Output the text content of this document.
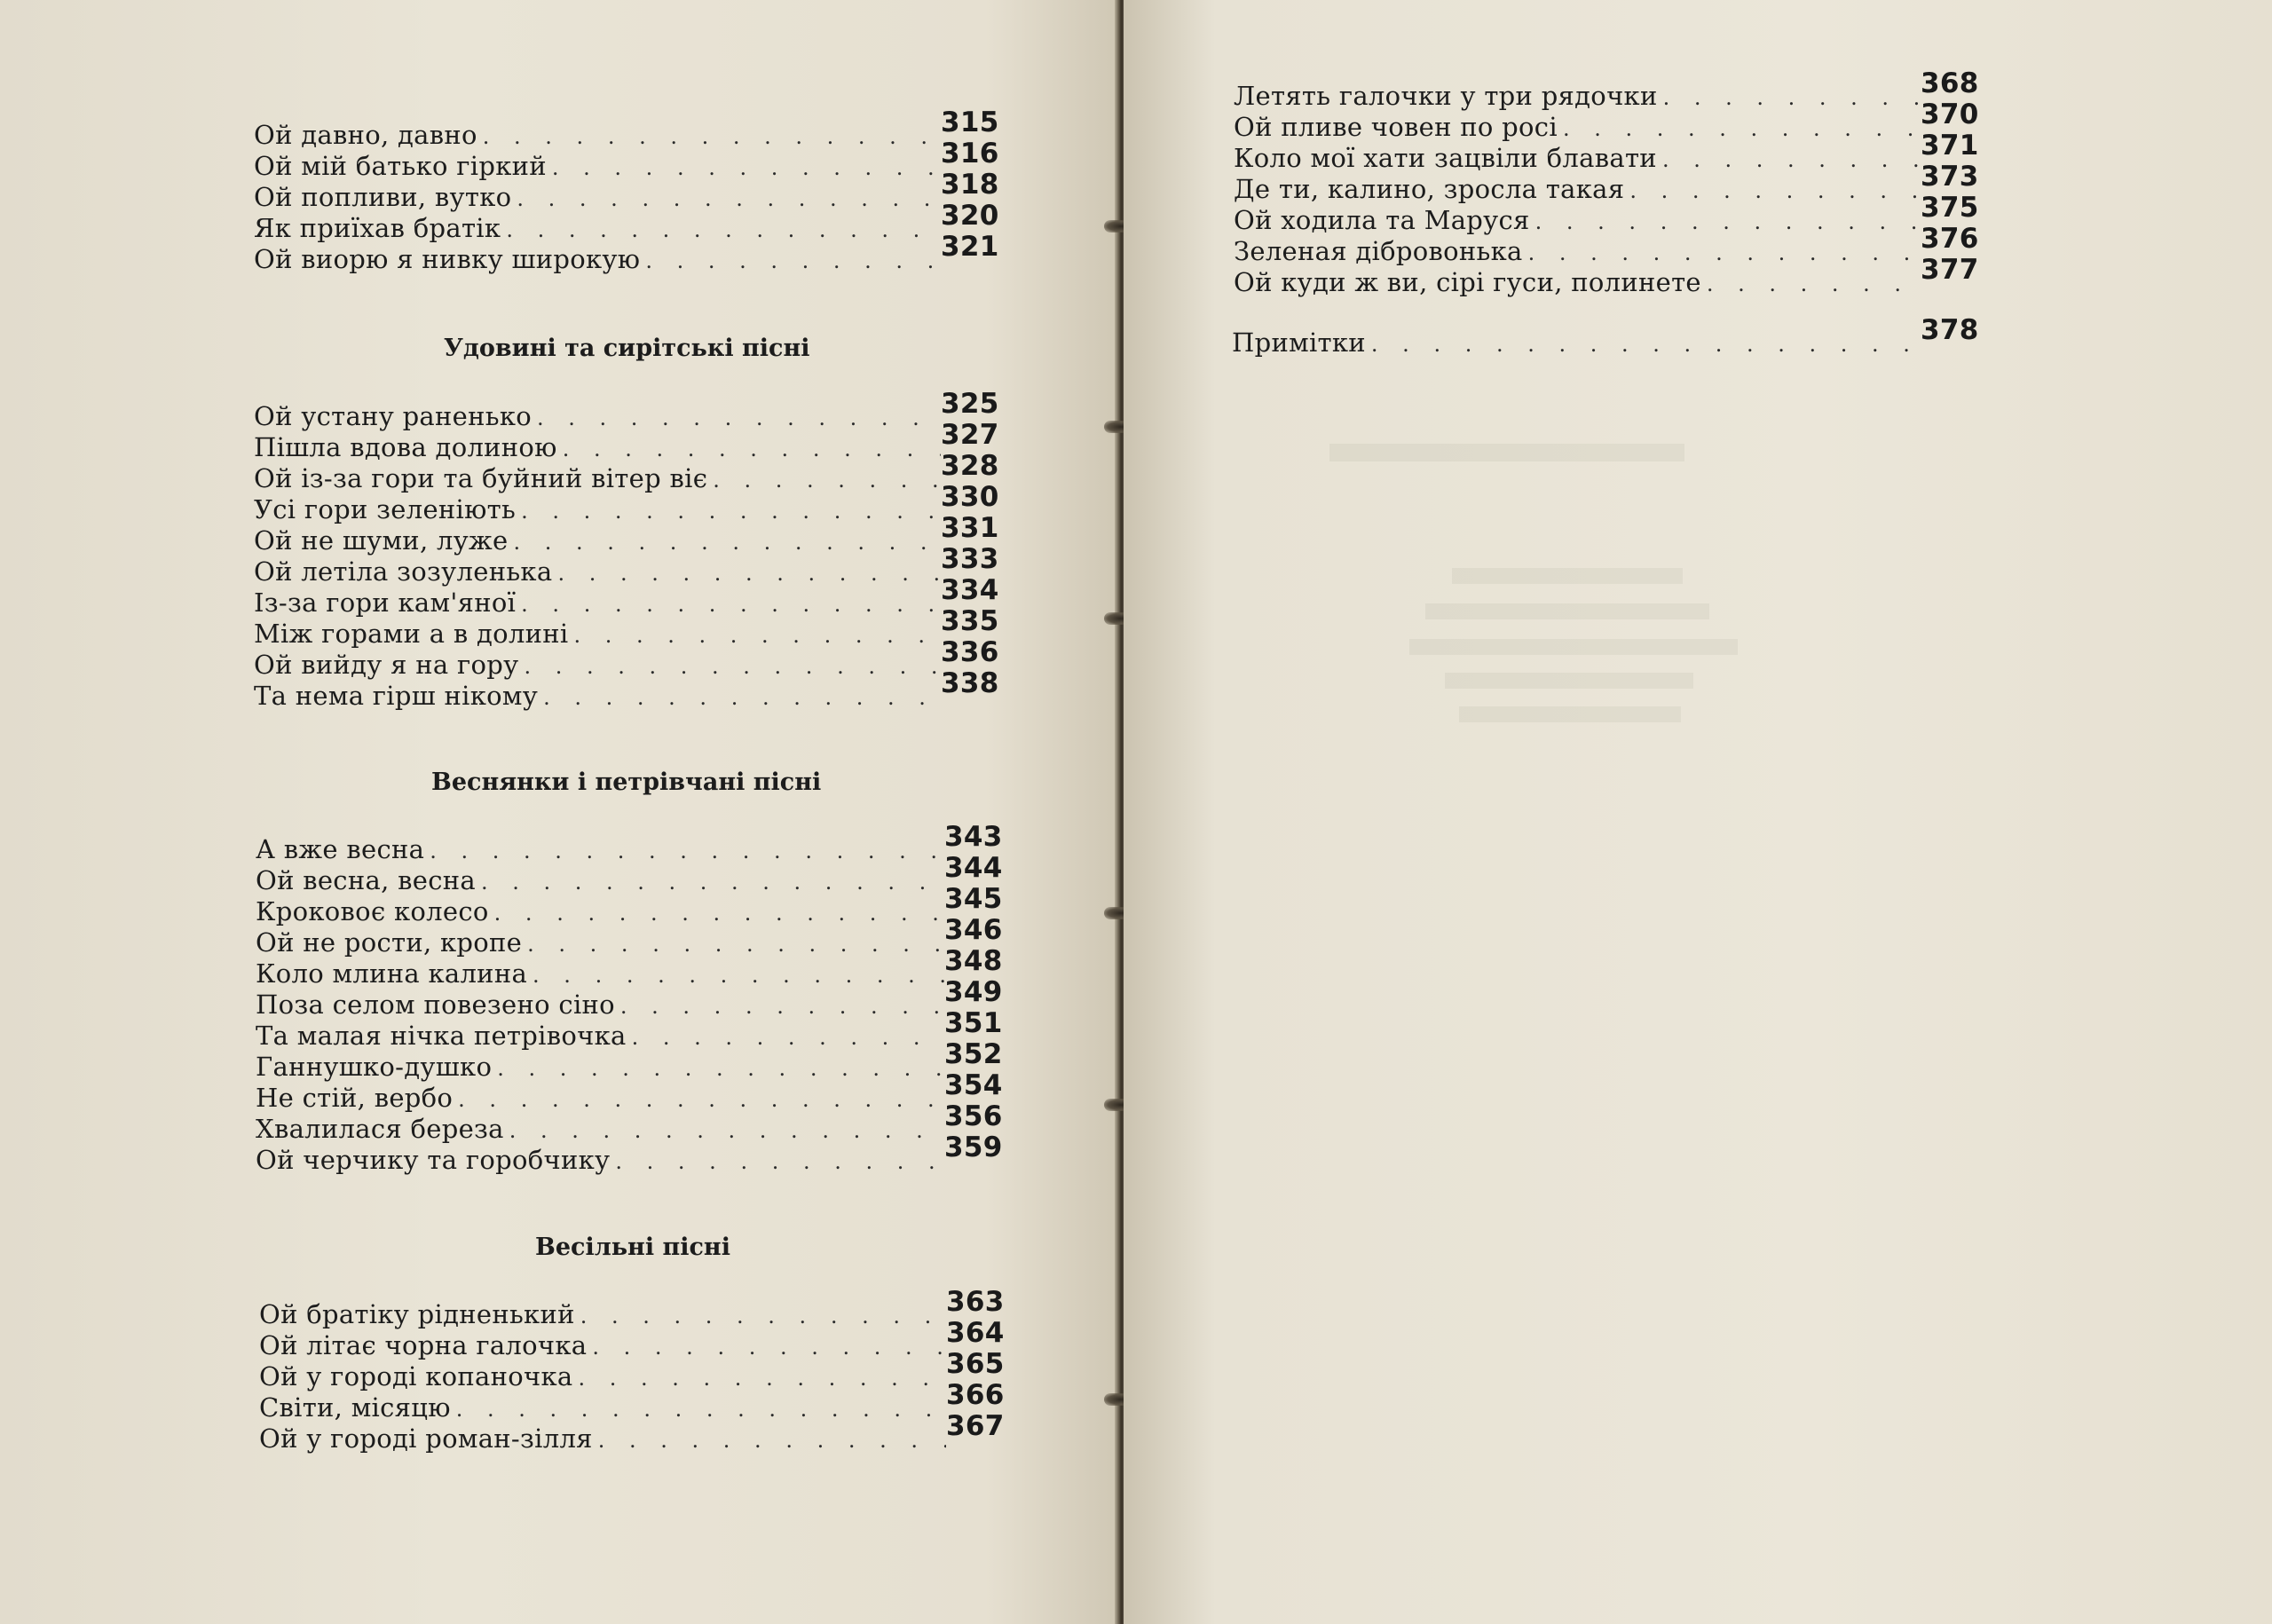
Ой давно, давно . . .	315
Ой мій батько гіркий . . .	316
Ой попливи, вутко . . .	318
Як приїхав братік . . .	320
Ой виорю я нивку широкую . . .	321
Удовині та сирітські пісні
Ой устану раненько . . .	325
Пішла вдова долиною . . .	327
Ой із-за гори та буйний вітер віє . . .	328
Усі гори зеленіють . . .	330
Ой не шуми, луже . . .	331
Ой летіла зозуленька . . .	333
Із-за гори кам'яної . . .	334
Між горами а в долині . . .	335
Ой вийду я на гору . . .	336
Та нема гірш нікому . . .	338
Веснянки і петрівчані пісні
А вже весна . . .	343
Ой весна, весна . . .	344
Кроковоє колесо . . .	345
Ой не рости, кропе . . .	346
Коло млина калина . . .	348
Поза селом повезено сіно . . .	349
Та малая нічка петрівочка . . .	351
Ганнушко-душко . . .	352
Не стій, вербо . . .	354
Хвалилася береза . . .	356
Ой черчику та горобчику . . .	359
Весільні пісні
Ой братіку рідненький . . .	363
Ой літає чорна галочка . . .	364
Ой у городі копаночка . . .	365
Світи, місяцю . . .	366
Ой у городі роман-зілля . . .	367
Летять галочки у три рядочки . . .	368
Ой пливе човен по росі . . .	370
Коло мої хати зацвіли блавати . . .	371
Де ти, калино, зросла такая . . .	373
Ой ходила та Маруся . . .	375
Зеленая дібровонька . . .	376
Ой куди ж ви, сірі гуси, полинете . . .	377
Примітки . . .	378
